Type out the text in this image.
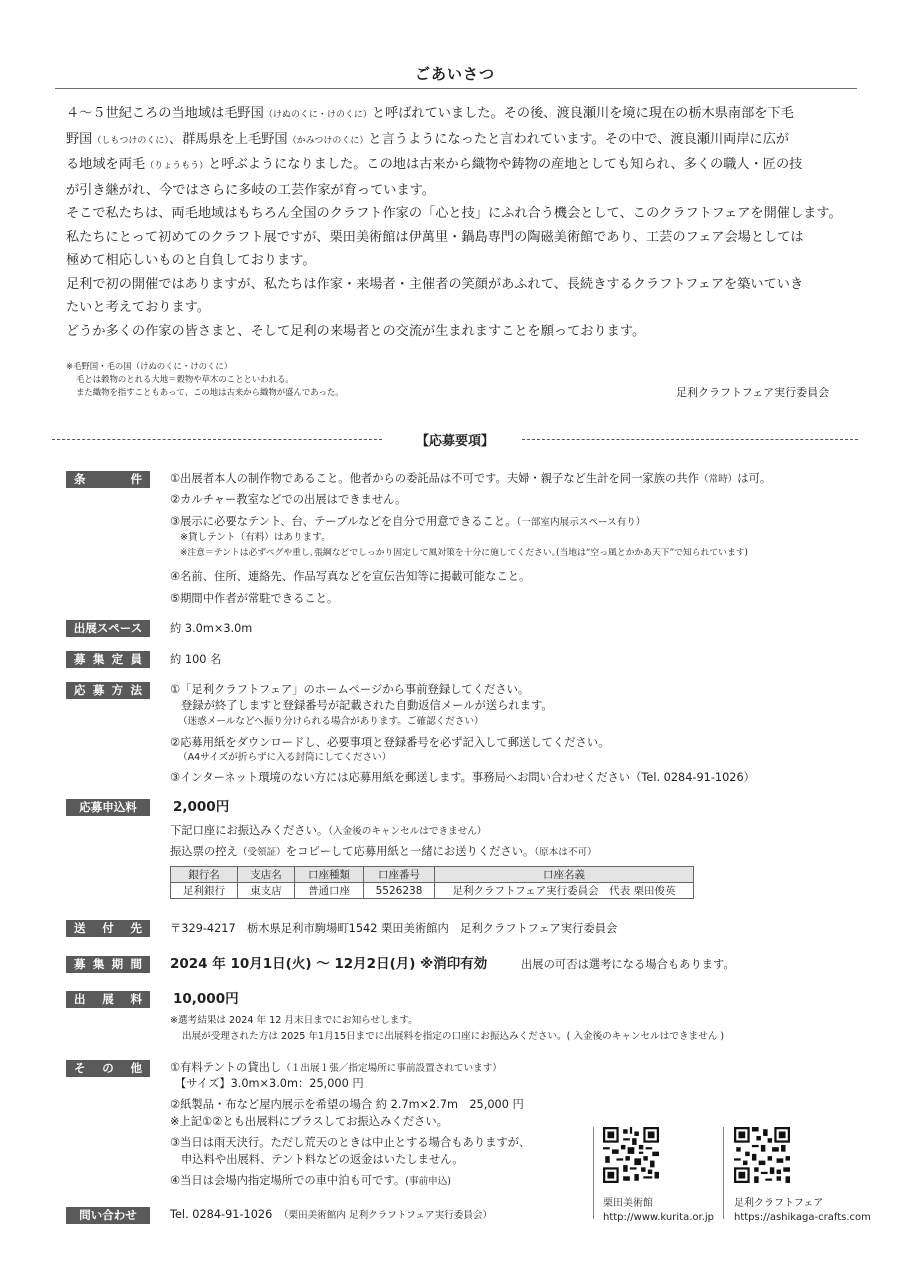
ごあいさつ

４～５世紀ころの当地域は毛野国（けぬのくに・けのくに）と呼ばれていました。その後、渡良瀬川を境に現在の栃木県南部を下毛

野国（しもつけのくに）、群馬県を上毛野国（かみつけのくに）と言うようになったと言われています。その中で、渡良瀬川両岸に広が

る地域を両毛（りょうもう）と呼ぶようになりました。この地は古来から織物や鋳物の産地としても知られ、多くの職人・匠の技

が引き継がれ、今ではさらに多岐の工芸作家が育っています。

そこで私たちは、両毛地域はもちろん全国のクラフト作家の「心と技」にふれ合う機会として、このクラフトフェアを開催します。

私たちにとって初めてのクラフト展ですが、栗田美術館は伊萬里・鍋島専門の陶磁美術館であり、工芸のフェア会場としては

極めて相応しいものと自負しております。

足利で初の開催ではありますが、私たちは作家・来場者・主催者の笑顔があふれて、長続きするクラフトフェアを築いていき

たいと考えております。

どうか多くの作家の皆さまと、そして足利の来場者との交流が生まれますことを願っております。

※毛野国・毛の国（けぬのくに・けのくに）
毛とは穀物のとれる大地＝穀物や草木のことといわれる。
また織物を指すこともあって、この地は古来から織物が盛んであった。	足利クラフトフェア実行委員会
【応募要項】
条　　件	①出展者本人の制作物であること。他者からの委託品は不可です。夫婦・親子など生計を同一家族の共作（常時）は可。
②カルチャー教室などでの出展はできません。
③展示に必要なテント、台、テーブルなどを自分で用意できること。（一部室内展示スペース有り）
※貸しテント（有料）はあります。
※注意＝テントは必ずペグや重し､張綱などでしっかり固定して風対策を十分に施してください｡(当地は“空っ風とかかあ天下”で知られています)
④名前、住所、連絡先、作品写真などを宣伝告知等に掲載可能なこと。
⑤期間中作者が常駐できること。
出展スペース	約 3.0m×3.0m
募 集 定 員	約 100 名
応 募 方 法	①「足利クラフトフェア」のホームページから事前登録してください。
登録が終了しますと登録番号が記載された自動返信メールが送られます。
（迷惑メールなどへ振り分けられる場合があります。ご確認ください）
②応募用紙をダウンロードし、必要事項と登録番号を必ず記入して郵送してください。
（A4サイズが折らずに入る封筒にしてください）
③インターネット環境のない方には応募用紙を郵送します。事務局へお問い合わせください（Tel. 0284-91-1026）
応募申込料	2,000円
下記口座にお振込みください。（入金後のキャンセルはできません）
振込票の控え（受領証）をコピーして応募用紙と一緒にお送りください。（原本は不可）
銀行名	支店名	口座種類	口座番号	口座名義
足利銀行	東支店	普通口座	5526238	足利クラフトフェア実行委員会　代表 栗田俊英
送 付 先	〒329-4217　栃木県足利市駒場町1542 栗田美術館内　足利クラフトフェア実行委員会
募 集 期 間	2024 年 10月1日(火) ～ 12月2日(月) ※消印有効	出展の可否は選考になる場合もあります。
出 展 料	10,000円
※選考結果は 2024 年 12 月末日までにお知らせします。
出展が受理された方は 2025 年1月15日までに出展料を指定の口座にお振込みください。( 入金後のキャンセルはできません )
そ の 他	①有料テントの貸出し（１出展１張／指定場所に事前設置されています）
【サイズ】3.0m×3.0m：25,000 円
②紙製品・布など屋内展示を希望の場合 約 2.7m×2.7m　25,000 円
※上記①②とも出展料にプラスしてお振込みください。
③当日は雨天決行。ただし荒天のときは中止とする場合もありますが、
申込料や出展料、テント料などの返金はいたしません。
④当日は会場内指定場所での車中泊も可です。(事前申込)
問い合わせ	Tel. 0284-91-1026　 （栗田美術館内 足利クラフトフェア実行委員会）
栗田美術館
http://www.kurita.or.jp
足利クラフトフェア
https://ashikaga-crafts.com
